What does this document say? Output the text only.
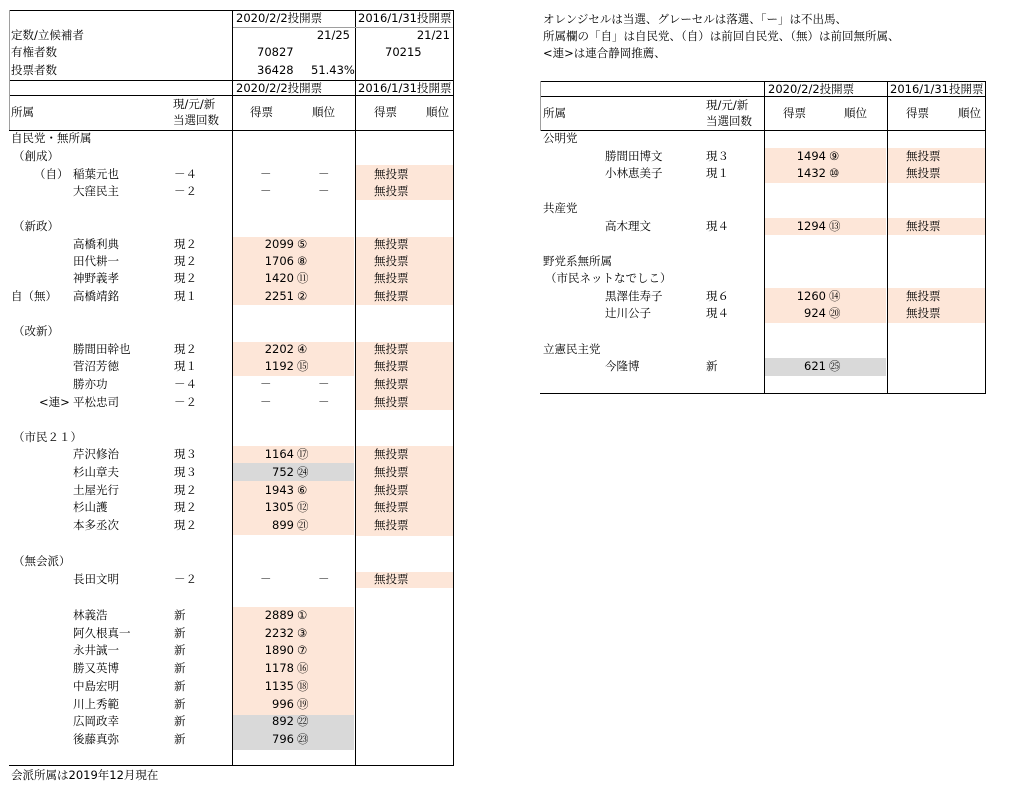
2020/2/2投開票	2016/1/31投開票
定数/立候補者	21/25	21/21
有権者数	70827	70215
投票者数	36428 51.43%
2020/2/2投開票	2016/1/31投開票
所属
現/元/新
当選回数
得票	順位	得票	順位
自民党・無所属
（創成）
（自） 稲葉元也	－４	－	－	無投票
大窪民主	－２	－	－	無投票
（新政）
高橋利典	現２	2099 ⑤	無投票
田代耕一	現２	1706 ⑧	無投票
神野義孝	現２	1420 ⑪	無投票
自（無） 高橋靖銘	現１	2251 ②	無投票
（改新）
勝間田幹也	現２	2202 ④	無投票
菅沼芳徳	現１	1192 ⑮	無投票
勝亦功	－４	－	－	無投票
<連> 平松忠司	－２	－	－	無投票
（市民２１）
芹沢修治	現３	1164 ⑰	無投票
杉山章夫	現３	752 ㉔	無投票
土屋光行	現２	1943 ⑥	無投票
杉山護	現２	1305 ⑫	無投票
本多丞次	現２	899 ㉑	無投票
（無会派）
長田文明	－２	－	－	無投票
林義浩	新	2889 ①
阿久根真一	新	2232 ③
永井誠一	新	1890 ⑦
勝又英博	新	1178 ⑯
中島宏明	新	1135 ⑱
川上秀範	新	996 ⑲
広岡政幸	新	892 ㉒
後藤真弥	新	796 ㉓
会派所属は2019年12月現在
オレンジセルは当選、グレーセルは落選、「ー」は不出馬、
所属欄の「自」は自民党、（自）は前回自民党、（無）は前回無所属、
<連>は連合静岡推薦、
2020/2/2投開票	2016/1/31投開票
所属
現/元/新
当選回数
得票	順位	得票	順位
公明党
勝間田博文	現３	1494 ⑨	無投票
小林恵美子	現１	1432 ⑩	無投票
共産党
高木理文	現４	1294 ⑬	無投票
野党系無所属
（市民ネットなでしこ）
黒澤佳寿子	現６	1260 ⑭	無投票
辻川公子	現４	924 ⑳	無投票
立憲民主党
今隆博	新	621 ㉕
